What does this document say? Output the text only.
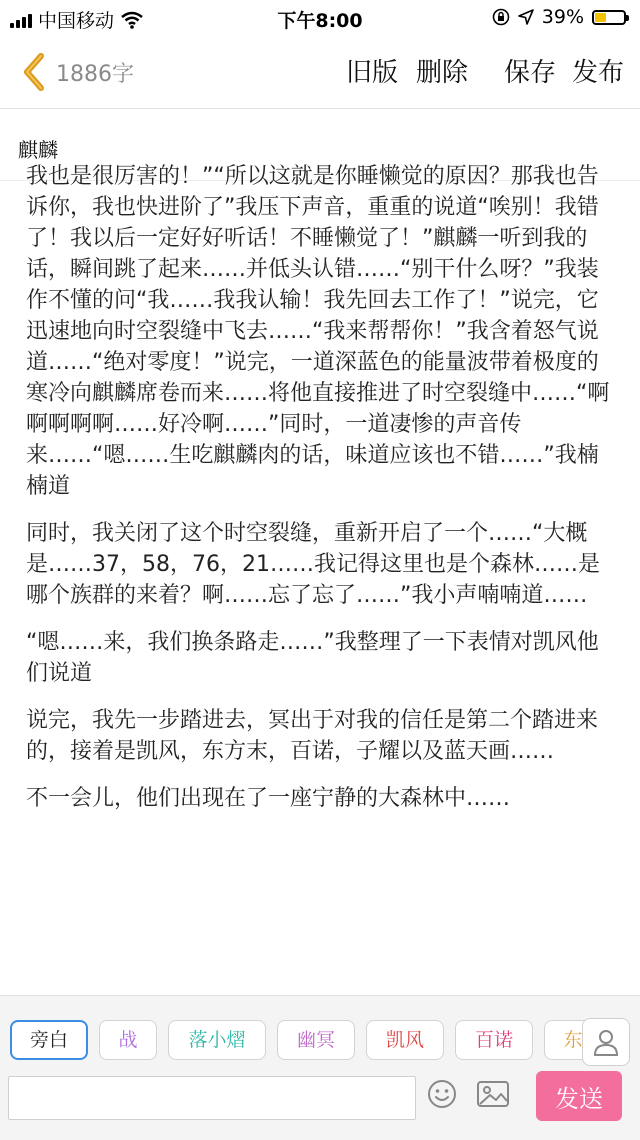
中国移动	下午8:00	39%
1886字	旧版 删除 保存 发布
麒麟

我也是很厉害的！”“所以这就是你睡懒觉的原因？那我也告诉你，我也快进阶了”我压下声音，重重的说道“唉别！我错了！我以后一定好好听话！不睡懒觉了！”麒麟一听到我的话，瞬间跳了起来……并低头认错……“别干什么呀？”我装作不懂的问“我……我我认输！我先回去工作了！”说完，它迅速地向时空裂缝中飞去……“我来帮帮你！”我含着怒气说道……“绝对零度！”说完，一道深蓝色的能量波带着极度的寒冷向麒麟席卷而来……将他直接推进了时空裂缝中……“啊啊啊啊啊……好冷啊……”同时，一道凄惨的声音传来……“嗯……生吃麒麟肉的话，味道应该也不错……”我楠楠道

同时，我关闭了这个时空裂缝，重新开启了一个……“大概是……37，58，76，21……我记得这里也是个森林……是哪个族群的来着？啊……忘了忘了……”我小声喃喃道……

“嗯……来，我们换条路走……”我整理了一下表情对凯风他们说道

说完，我先一步踏进去，冥出于对我的信任是第二个踏进来的，接着是凯风，东方末，百诺，子耀以及蓝天画……

不一会儿，他们出现在了一座宁静的大森林中……

旁白	战	落小熠	幽冥	凯风	百诺	东
发送
